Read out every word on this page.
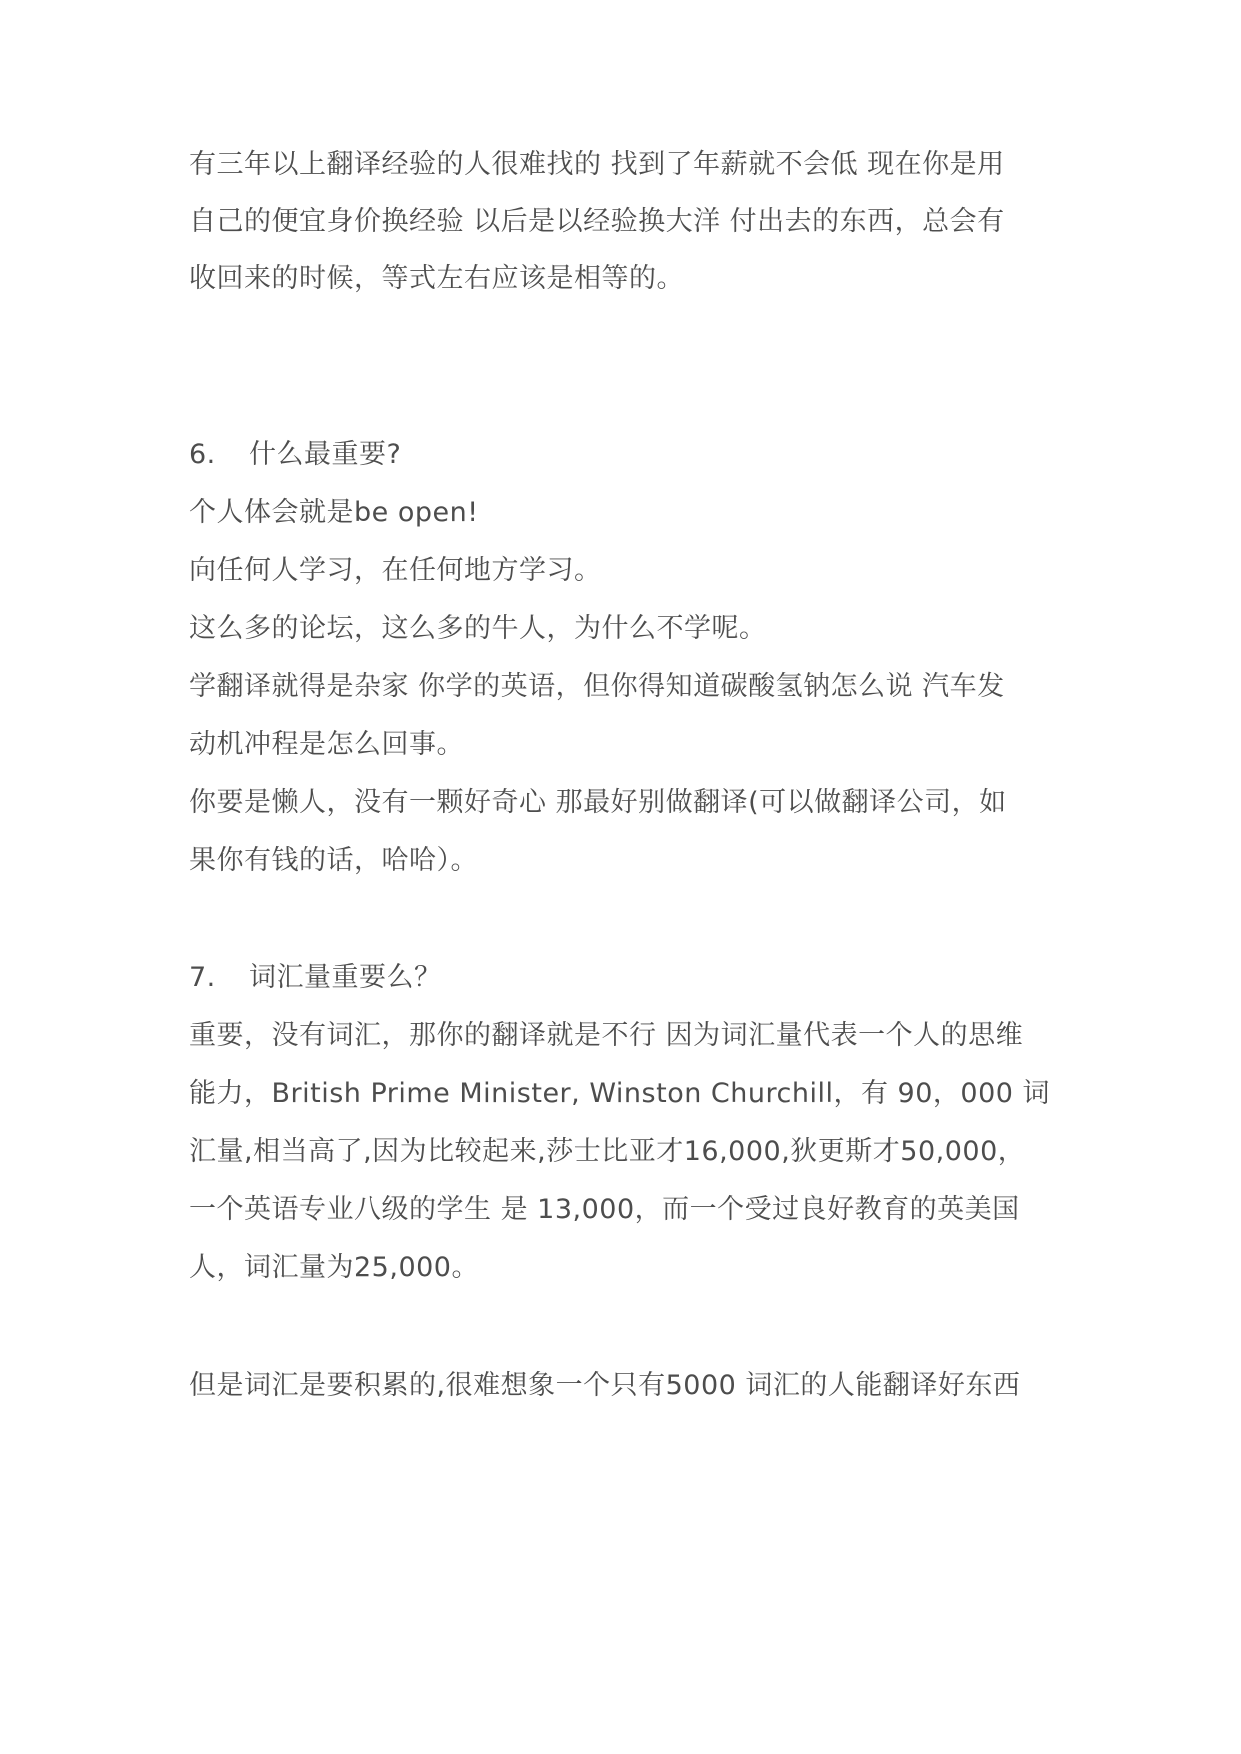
有三年以上翻译经验的人很难找的 找到了年薪就不会低 现在你是用
自己的便宜身价换经验 以后是以经验换大洋 付出去的东西，总会有
收回来的时候，等式左右应该是相等的。
6. 什么最重要?
个人体会就是be open!
向任何人学习，在任何地方学习。
这么多的论坛，这么多的牛人，为什么不学呢。
学翻译就得是杂家 你学的英语，但你得知道碳酸氢钠怎么说 汽车发
动机冲程是怎么回事。
你要是懒人，没有一颗好奇心 那最好别做翻译(可以做翻译公司，如
果你有钱的话，哈哈）。
7. 词汇量重要么？
重要，没有词汇，那你的翻译就是不行 因为词汇量代表一个人的思维
能力，British Prime Minister, Winston Churchill，有 90，000 词
汇量,相当高了,因为比较起来,莎士比亚才16,000,狄更斯才50,000，
一个英语专业八级的学生 是 13,000，而一个受过良好教育的英美国
人，词汇量为25,000。
但是词汇是要积累的,很难想象一个只有5000 词汇的人能翻译好东西
